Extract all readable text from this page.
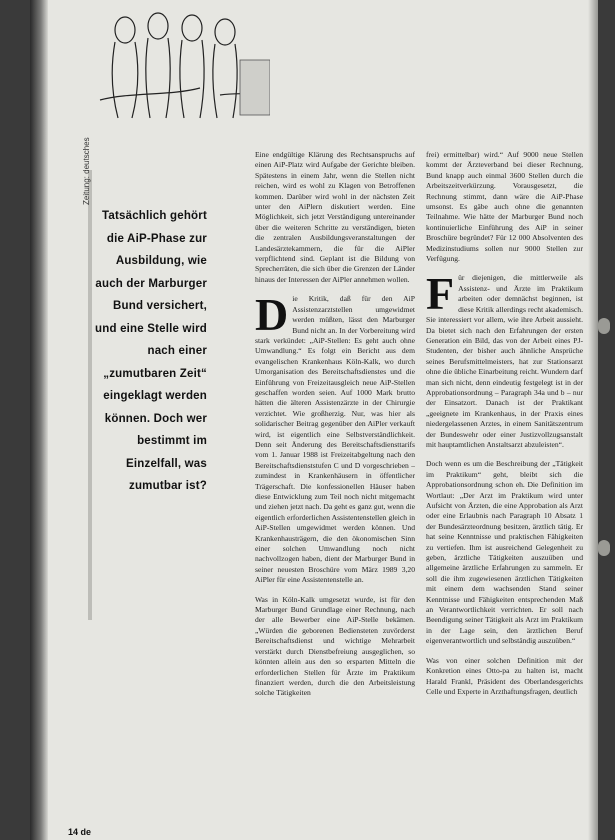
Zeitung: deutsches
Tatsächlich gehört die AiP-Phase zur Ausbildung, wie auch der Marburger Bund versichert, und eine Stelle wird nach einer „zumutbaren Zeit“ eingeklagt werden können. Doch wer bestimmt im Einzelfall, was zumutbar ist?

Eine endgültige Klärung des Rechtsanspruchs auf einen AiP-Platz wird Aufgabe der Gerichte bleiben. Spätestens in einem Jahr, wenn die Stellen nicht reichen, wird es wohl zu Klagen von Betroffenen kommen. Darüber wird wohl in der nächsten Zeit unter den AiPlern diskutiert werden. Eine Möglichkeit, sich jetzt Verständigung untereinander über die weiteren Schritte zu verständigen, bieten die zentralen Ausbildungsveranstaltungen der Landesärztekammern, die für die AiPler verpflichtend sind. Geplant ist die Bildung von Sprecherräten, die sich über die Grenzen der Länder hinaus der Interessen der AiPler annehmen wollen.

Die Kritik, daß für den AiP Assistenzarztstellen umgewidmet werden müßten, lässt den Marburger Bund nicht an. In der Vorbereitung wird stark verkündet: „AiP-Stellen: Es geht auch ohne Umwandlung.“ Es folgt ein Bericht aus dem evangelischen Krankenhaus Köln-Kalk, wo durch Umorganisation des Bereitschaftsdienstes und die Einführung von Freizeitausgleich neue AiP-Stellen geschaffen worden seien. Auf 1000 Mark brutto hätten die älteren Assistenzärzte in der Chirurgie verzichtet. Wie großherzig. Nur, was hier als solidarischer Beitrag gegenüber den AiPler verkauft wird, ist eigentlich eine Selbstverständlichkeit. Denn seit Änderung des Bereitschaftsdiensttarifs vom 1. Januar 1988 ist Freizeitabgeltung nach den Bereitschaftsdienststufen C und D vorgeschrieben – zumindest in Krankenhäusern in öffentlicher Trägerschaft. Die konfessionellen Häuser haben diese Entwicklung zum Teil noch nicht mitgemacht und ziehen jetzt nach. Da geht es ganz gut, wenn die eigentlich erforderlichen Assistentenstellen gleich in AiP-Stellen umgewidmet werden können. Und Krankenhausträgern, die den ökonomischen Sinn einer solchen Umwandlung noch nicht nachvollzogen haben, dient der Marburger Bund in seiner neuesten Broschüre vom März 1989 3,20 AiPler für eine Assistentenstelle an.

Was in Köln-Kalk umgesetzt wurde, ist für den Marburger Bund Grundlage einer Rechnung, nach der alle Bewerber eine AiP-Stelle bekämen. „Würden die geborenen Bediensteten zuvörderst Bereitschaftsdienst und wichtige Mehrarbeit verstärkt durch Dienstbefreiung ausgeglichen, so könnten allein aus den so ersparten Mitteln die erforderlichen Stellen für Ärzte im Praktikum finanziert werden, durch die den Arbeitsleistung solche Tätigkeiten

frei) ermittelbar) wird.“ Auf 9000 neue Stellen kommt der Ärzteverband bei dieser Rechnung, Bund knapp auch einmal 3600 Stellen durch die Arbeitszeitverkürzung. Vorausgesetzt, die Rechnung stimmt, dann wäre die AiP-Phase umsonst. Es gäbe auch ohne die genannten Teilnahme. Wie hätte der Marburger Bund noch kontinuierliche Einführung des AiP in seiner Broschüre begründet? Für 12 000 Absolventen des Medizinstudiums sollen nur 9000 Stellen zur Verfügung.

Für diejenigen, die mittlerweile als Assistenz- und Ärzte im Praktikum arbeiten oder demnächst beginnen, ist diese Kritik allerdings recht akademisch. Sie interessiert vor allem, wie ihre Arbeit aussieht. Da bietet sich nach den Erfahrungen der ersten Generation ein Bild, das von der Arbeit eines PJ-Studenten, der bisher auch ähnliche Ansprüche seines Berufsmittelmeisters, hat zur Stationsarzt ohne die übliche Einarbeitung reicht. Wundern darf man sich nicht, denn eindeutig festgelegt ist in der Approbationsordnung – Paragraph 34a und b – nur der Einsatzort. Danach ist der Praktikant „geeignete im Krankenhaus, in der Praxis eines niedergelassenen Arztes, in einem Sanitätszentrum der Bundeswehr oder einer Justizvollzugsanstalt mit hauptamtlichen Anstaltsarzt abzuleisten“.

Doch wenn es um die Beschreibung der „Tätigkeit im Praktikum“ geht, bleibt sich die Approbationsordnung schon eh. Die Definition im Wortlaut: „Der Arzt im Praktikum wird unter Aufsicht von Ärzten, die eine Approbation als Arzt oder eine Erlaubnis nach Paragraph 10 Absatz 1 der Bundesärzteordnung besitzen, ärztlich tätig. Er hat seine Kenntnisse und praktischen Fähigkeiten zu vertiefen. Ihm ist ausreichend Gelegenheit zu geben, ärztliche Tätigkeiten auszuüben und allgemeine ärztliche Erfahrungen zu sammeln. Er soll die ihm zugewiesenen ärztlichen Tätigkeiten mit einem dem wachsenden Stand seiner Kenntnisse und Fähigkeiten entsprechenden Maß an Verantwortlichkeit verrichten. Er soll nach Beendigung seiner Tätigkeit als Arzt im Praktikum in der Lage sein, den ärztlichen Beruf eigenverantwortlich und selbständig auszuüben.“

Was von einer solchen Definition mit der Konkretion eines Otto-pa zu halten ist, macht Harald Frankl, Präsident des Oberlandesgerichts Celle und Experte in Arzthaftungsfragen, deutlich

14 de
